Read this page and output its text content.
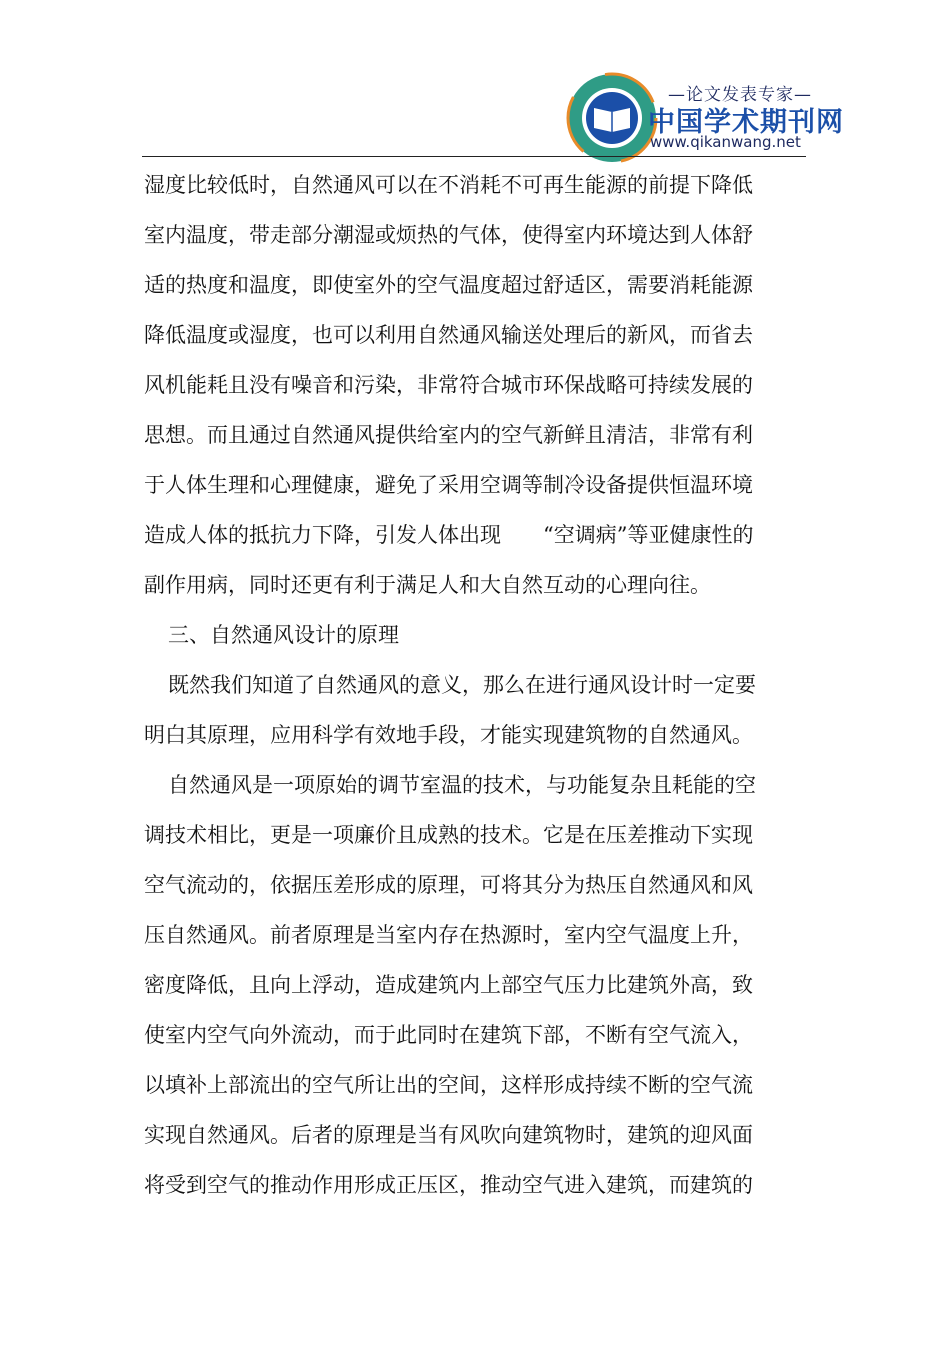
—论文发表专家—
中国学术期刊网
www.qikanwang.net
湿度比较低时，自然通风可以在不消耗不可再生能源的前提下降低
室内温度，带走部分潮湿或烦热的气体，使得室内环境达到人体舒
适的热度和温度，即使室外的空气温度超过舒适区，需要消耗能源
降低温度或湿度，也可以利用自然通风输送处理后的新风，而省去
风机能耗且没有噪音和污染，非常符合城市环保战略可持续发展的
思想。而且通过自然通风提供给室内的空气新鲜且清洁，非常有利
于人体生理和心理健康，避免了采用空调等制冷设备提供恒温环境
造成人体的抵抗力下降，引发人体出现　　“空调病”等亚健康性的
副作用病，同时还更有利于满足人和大自然互动的心理向往。
三、自然通风设计的原理
既然我们知道了自然通风的意义，那么在进行通风设计时一定要
明白其原理，应用科学有效地手段，才能实现建筑物的自然通风。
自然通风是一项原始的调节室温的技术，与功能复杂且耗能的空
调技术相比，更是一项廉价且成熟的技术。它是在压差推动下实现
空气流动的，依据压差形成的原理，可将其分为热压自然通风和风
压自然通风。前者原理是当室内存在热源时，室内空气温度上升，
密度降低，且向上浮动，造成建筑内上部空气压力比建筑外高，致
使室内空气向外流动，而于此同时在建筑下部，不断有空气流入，
以填补上部流出的空气所让出的空间，这样形成持续不断的空气流
实现自然通风。后者的原理是当有风吹向建筑物时，建筑的迎风面
将受到空气的推动作用形成正压区，推动空气进入建筑，而建筑的
